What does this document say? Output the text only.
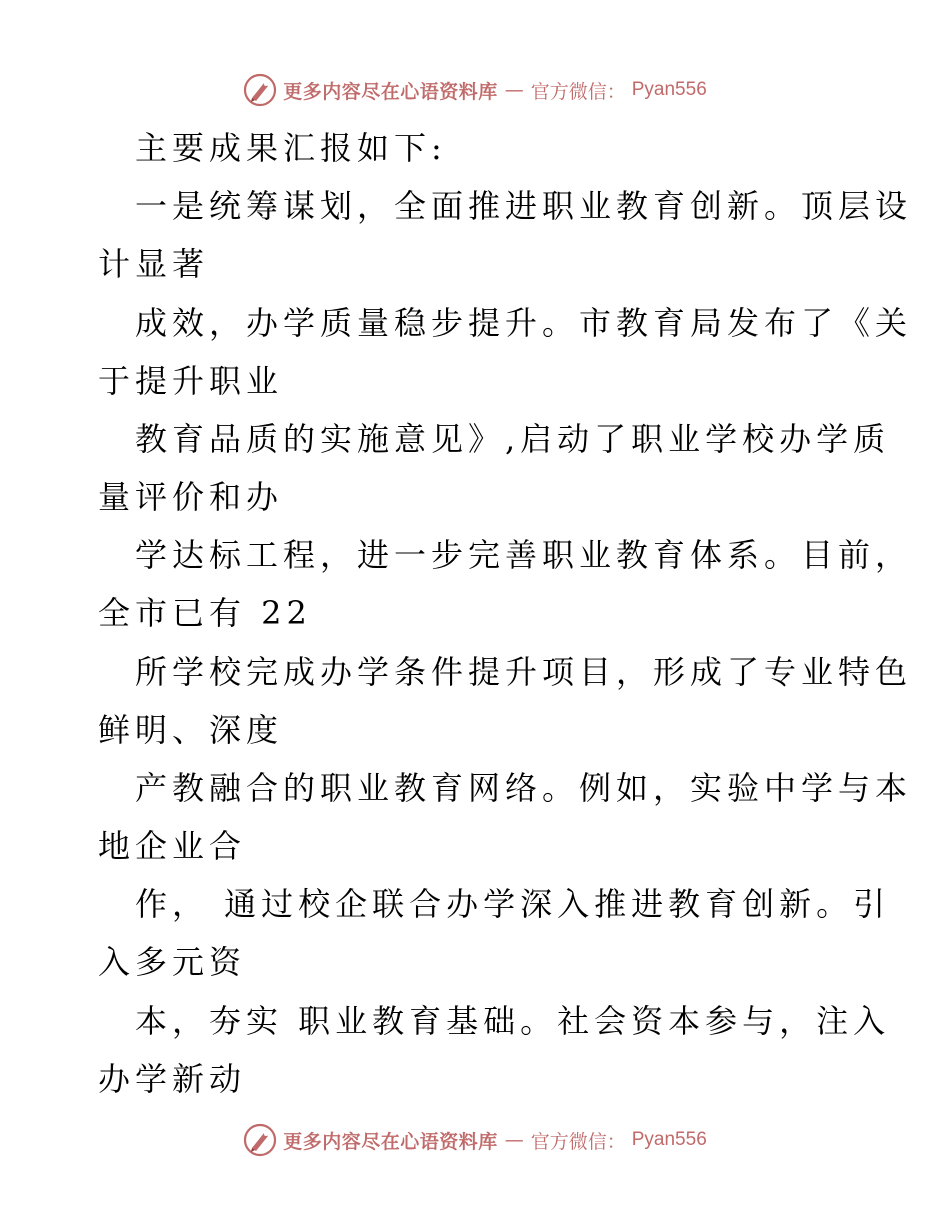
更多内容尽在心语资料库 — 官方微信： Pyan556
主要成果汇报如下:
一是统筹谋划，全面推进职业教育创新。顶层设
计显著
成效，办学质量稳步提升。市教育局发布了《关
于提升职业
教育品质的实施意见》,启动了职业学校办学质
量评价和办
学达标工程，进一步完善职业教育体系。目前，
全市已有 22
所学校完成办学条件提升项目，形成了专业特色
鲜明、深度
产教融合的职业教育网络。例如，实验中学与本
地企业合
作， 通过校企联合办学深入推进教育创新。引
入多元资
本，夯实 职业教育基础。社会资本参与，注入
办学新动
更多内容尽在心语资料库 — 官方微信： Pyan556
